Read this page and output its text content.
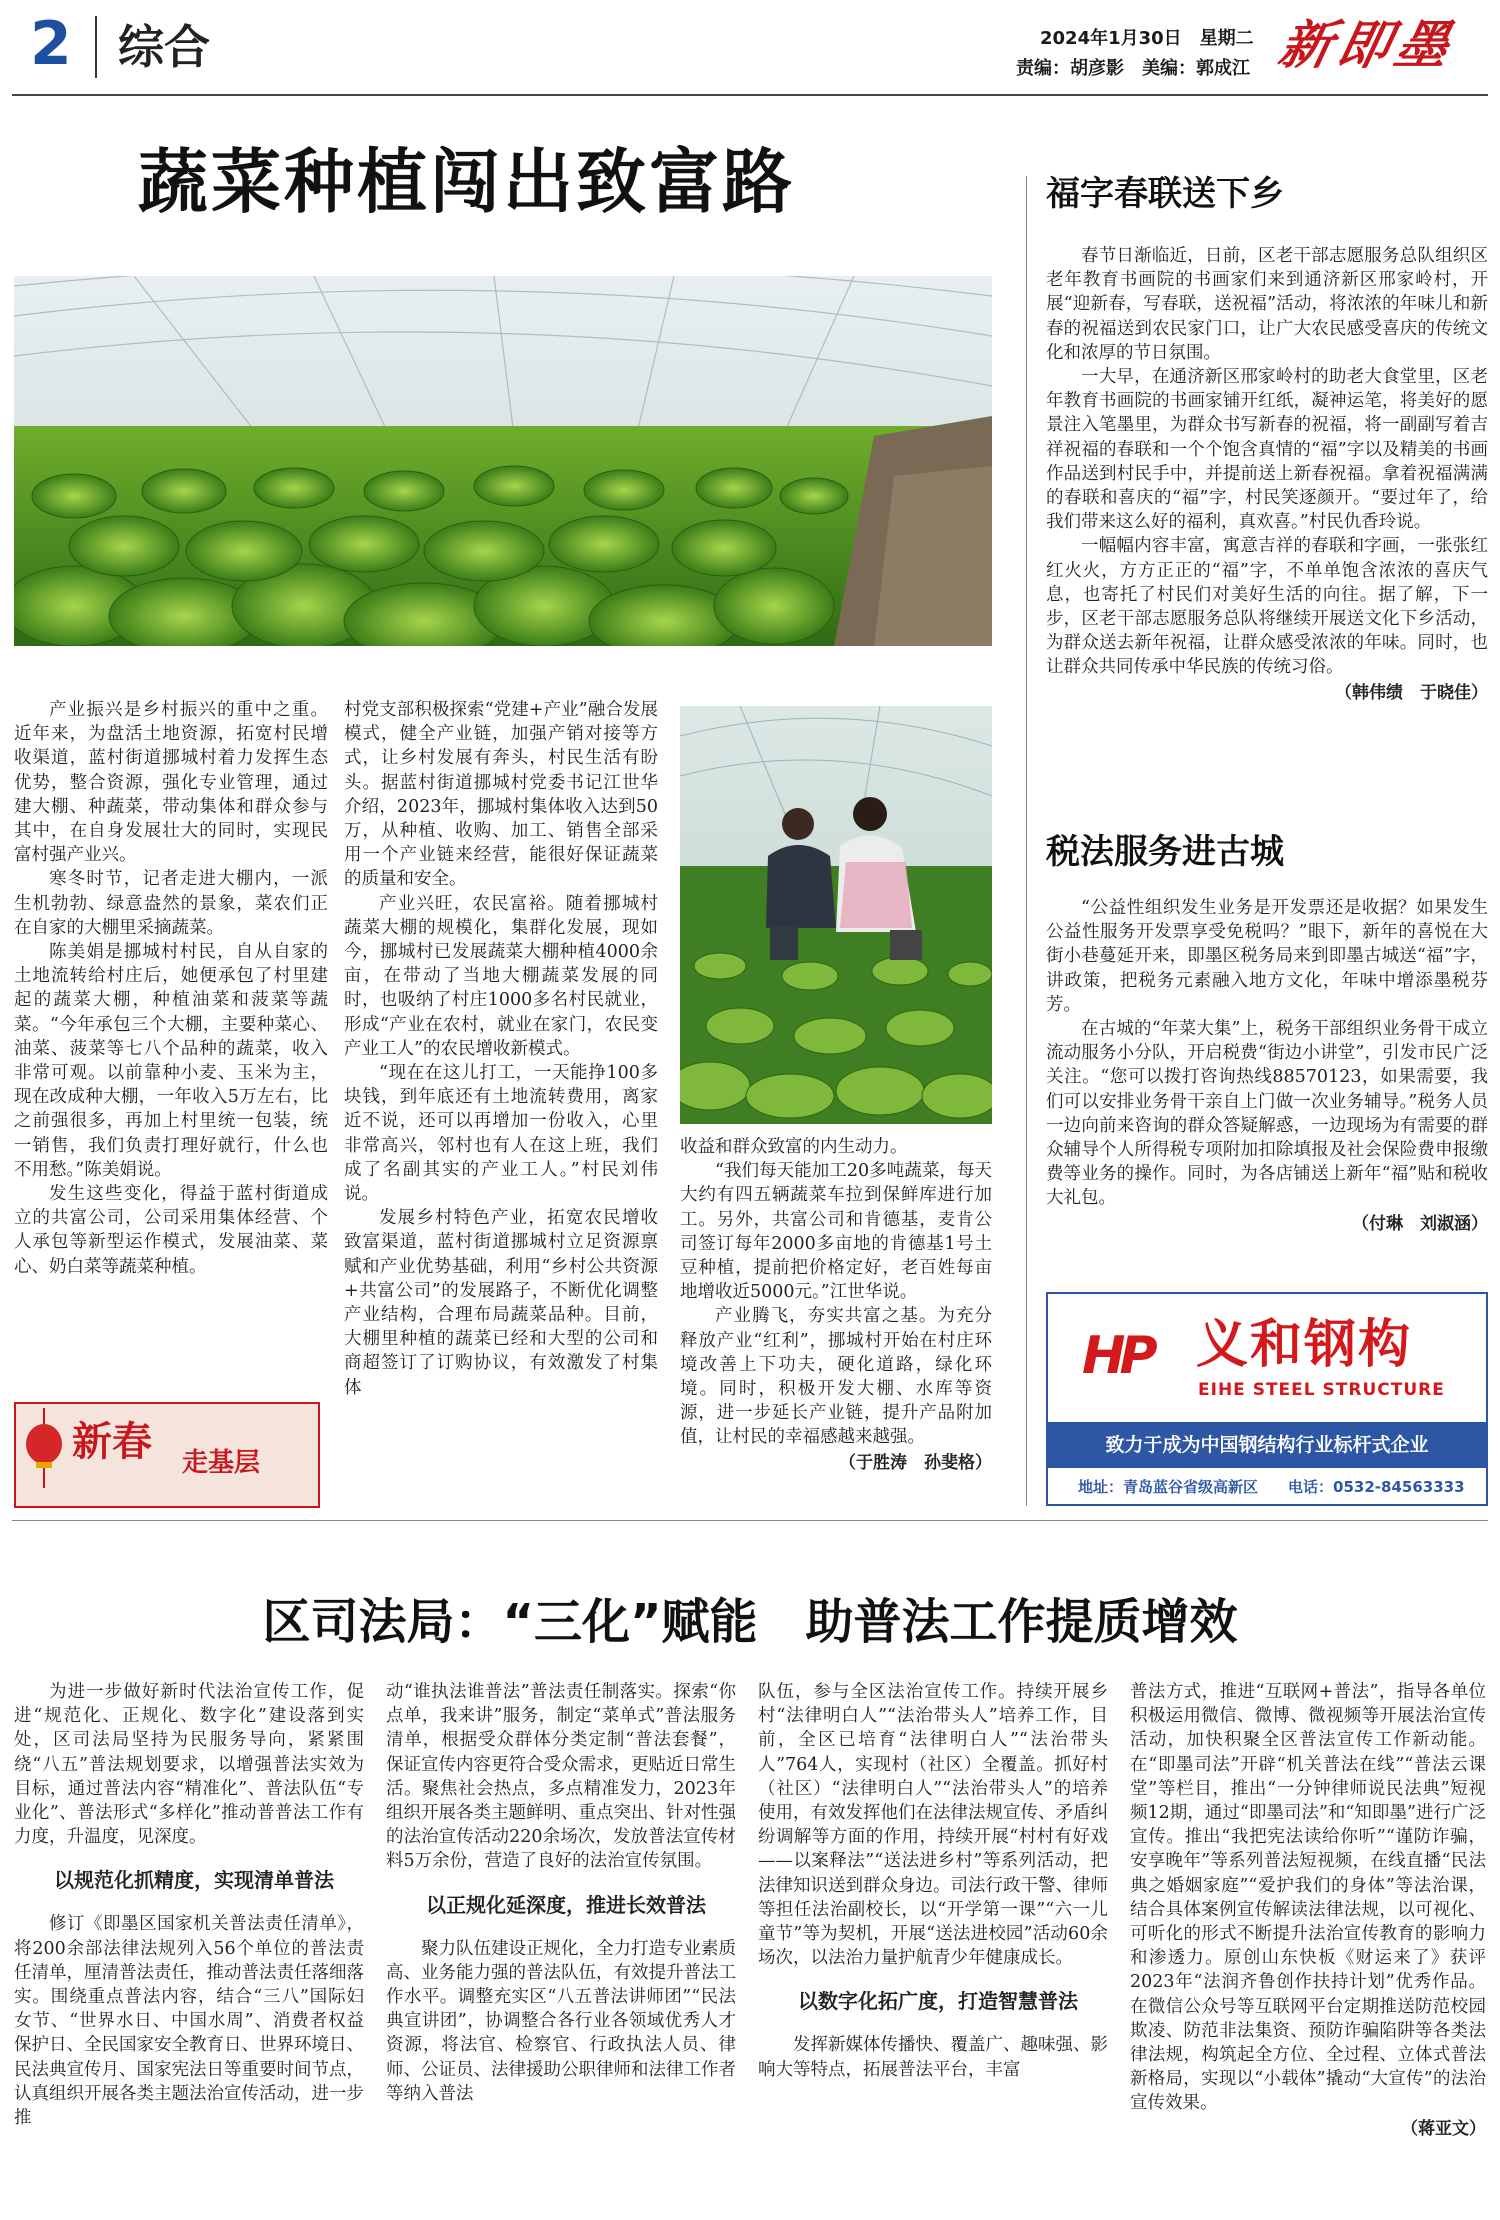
2 综合	2024年1月30日　 星期二
责编：胡彦影　 美编：郭成江 新即墨
蔬菜种植闯出致富路

产业振兴是乡村振兴的重中之重。近年来，为盘活土地资源，拓宽村民增收渠道，蓝村街道挪城村着力发挥生态优势，整合资源，强化专业管理，通过建大棚、种蔬菜，带动集体和群众参与其中，在自身发展壮大的同时，实现民富村强产业兴。

寒冬时节，记者走进大棚内，一派生机勃勃、绿意盎然的景象，菜农们正在自家的大棚里采摘蔬菜。

陈美娟是挪城村村民，自从自家的土地流转给村庄后，她便承包了村里建起的蔬菜大棚，种植油菜和菠菜等蔬菜。“今年承包三个大棚，主要种菜心、油菜、菠菜等七八个品种的蔬菜，收入非常可观。以前靠种小麦、玉米为主，现在改成种大棚，一年收入5万左右，比之前强很多，再加上村里统一包装，统一销售，我们负责打理好就行，什么也不用愁。”陈美娟说。

发生这些变化，得益于蓝村街道成立的共富公司，公司采用集体经营、个人承包等新型运作模式，发展油菜、菜心、奶白菜等蔬菜种植。

新春 走基层

村党支部积极探索“党建+产业”融合发展模式，健全产业链，加强产销对接等方式，让乡村发展有奔头，村民生活有盼头。据蓝村街道挪城村党委书记江世华介绍，2023年，挪城村集体收入达到50万，从种植、收购、加工、销售全部采用一个产业链来经营，能很好保证蔬菜的质量和安全。

产业兴旺，农民富裕。随着挪城村蔬菜大棚的规模化，集群化发展，现如今，挪城村已发展蔬菜大棚种植4000余亩，在带动了当地大棚蔬菜发展的同时，也吸纳了村庄1000多名村民就业，形成“产业在农村，就业在家门，农民变产业工人”的农民增收新模式。

“现在在这儿打工，一天能挣100多块钱，到年底还有土地流转费用，离家近不说，还可以再增加一份收入，心里非常高兴，邻村也有人在这上班，我们成了名副其实的产业工人。”村民刘伟说。

发展乡村特色产业，拓宽农民增收致富渠道，蓝村街道挪城村立足资源禀赋和产业优势基础，利用“乡村公共资源+共富公司”的发展路子，不断优化调整产业结构，合理布局蔬菜品种。目前，大棚里种植的蔬菜已经和大型的公司和商超签订了订购协议，有效激发了村集体

收益和群众致富的内生动力。

“我们每天能加工20多吨蔬菜，每天大约有四五辆蔬菜车拉到保鲜库进行加工。另外，共富公司和肯德基，麦肯公司签订每年2000多亩地的肯德基1号土豆种植，提前把价格定好，老百姓每亩地增收近5000元。”江世华说。

产业腾飞，夯实共富之基。为充分释放产业“红利”，挪城村开始在村庄环境改善上下功夫，硬化道路，绿化环境。同时，积极开发大棚、水库等资源，进一步延长产业链，提升产品附加值，让村民的幸福感越来越强。

（于胜涛　孙斐格）
福字春联送下乡

春节日渐临近，日前，区老干部志愿服务总队组织区老年教育书画院的书画家们来到通济新区邢家岭村，开展“迎新春，写春联，送祝福”活动，将浓浓的年味儿和新春的祝福送到农民家门口，让广大农民感受喜庆的传统文化和浓厚的节日氛围。

一大早，在通济新区邢家岭村的助老大食堂里，区老年教育书画院的书画家铺开红纸，凝神运笔，将美好的愿景注入笔墨里，为群众书写新春的祝福，将一副副写着吉祥祝福的春联和一个个饱含真情的“福”字以及精美的书画作品送到村民手中，并提前送上新春祝福。拿着祝福满满的春联和喜庆的“福”字，村民笑逐颜开。“要过年了，给我们带来这么好的福利，真欢喜。”村民仇香玲说。

一幅幅内容丰富，寓意吉祥的春联和字画，一张张红红火火，方方正正的“福”字，不单单饱含浓浓的喜庆气息，也寄托了村民们对美好生活的向往。据了解，下一步，区老干部志愿服务总队将继续开展送文化下乡活动，为群众送去新年祝福，让群众感受浓浓的年味。同时，也让群众共同传承中华民族的传统习俗。

（韩伟绩　于晓佳）
税法服务进古城

“公益性组织发生业务是开发票还是收据？如果发生公益性服务开发票享受免税吗？”眼下，新年的喜悦在大街小巷蔓延开来，即墨区税务局来到即墨古城送“福”字，讲政策，把税务元素融入地方文化，年味中增添墨税芬芳。

在古城的“年菜大集”上，税务干部组织业务骨干成立流动服务小分队，开启税费“街边小讲堂”，引发市民广泛关注。“您可以拨打咨询热线88570123，如果需要，我们可以安排业务骨干亲自上门做一次业务辅导。”税务人员一边向前来咨询的群众答疑解惑，一边现场为有需要的群众辅导个人所得税专项附加扣除填报及社会保险费申报缴费等业务的操作。同时，为各店铺送上新年“福”贴和税收大礼包。

（付琳　刘淑涵）
HP 义和钢构
EIHE STEEL STRUCTURE
致力于成为中国钢结构行业标杆式企业
地址：青岛蓝谷省级高新区　　 电话：0532-84563333
区司法局：“三化”赋能　助普法工作提质增效

为进一步做好新时代法治宣传工作，促进“规范化、正规化、数字化”建设落到实处，区司法局坚持为民服务导向，紧紧围绕“八五”普法规划要求，以增强普法实效为目标，通过普法内容“精准化”、普法队伍“专业化”、普法形式“多样化”推动普普法工作有力度，升温度，见深度。

以规范化抓精度，实现清单普法

修订《即墨区国家机关普法责任清单》，将200余部法律法规列入56个单位的普法责任清单，厘清普法责任，推动普法责任落细落实。围绕重点普法内容，结合“三八”国际妇女节、“世界水日、中国水周”、消费者权益保护日、全民国家安全教育日、世界环境日、民法典宣传月、国家宪法日等重要时间节点，认真组织开展各类主题法治宣传活动，进一步推

动“谁执法谁普法”普法责任制落实。探索“你点单，我来讲”服务，制定“菜单式”普法服务清单，根据受众群体分类定制“普法套餐”，保证宣传内容更符合受众需求，更贴近日常生活。聚焦社会热点，多点精准发力，2023年组织开展各类主题鲜明、重点突出、针对性强的法治宣传活动220余场次，发放普法宣传材料5万余份，营造了良好的法治宣传氛围。

以正规化延深度，推进长效普法

聚力队伍建设正规化，全力打造专业素质高、业务能力强的普法队伍，有效提升普法工作水平。调整充实区“八五普法讲师团”“民法典宣讲团”，协调整合各行业各领域优秀人才资源，将法官、检察官、行政执法人员、律师、公证员、法律援助公职律师和法律工作者等纳入普法

队伍，参与全区法治宣传工作。持续开展乡村“法律明白人”“法治带头人”培养工作，目前，全区已培育“法律明白人”“法治带头人”764人，实现村（社区）全覆盖。抓好村（社区）“法律明白人”“法治带头人”的培养使用，有效发挥他们在法律法规宣传、矛盾纠纷调解等方面的作用，持续开展“村村有好戏——以案释法”“送法进乡村”等系列活动，把法律知识送到群众身边。司法行政干警、律师等担任法治副校长，以“开学第一课”“六一儿童节”等为契机，开展“送法进校园”活动60余场次，以法治力量护航青少年健康成长。

以数字化拓广度，打造智慧普法

发挥新媒体传播快、覆盖广、趣味强、影响大等特点，拓展普法平台，丰富

普法方式，推进“互联网+普法”，指导各单位积极运用微信、微博、微视频等开展法治宣传活动，加快积聚全区普法宣传工作新动能。在“即墨司法”开辟“机关普法在线”“普法云课堂”等栏目，推出“一分钟律师说民法典”短视频12期，通过“即墨司法”和“知即墨”进行广泛宣传。推出“我把宪法读给你听”“谨防诈骗，安享晚年”等系列普法短视频，在线直播“民法典之婚姻家庭”“爱护我们的身体”等法治课，结合具体案例宣传解读法律法规，以可视化、可听化的形式不断提升法治宣传教育的影响力和渗透力。原创山东快板《财运来了》获评2023年“法润齐鲁创作扶持计划”优秀作品。在微信公众号等互联网平台定期推送防范校园欺凌、防范非法集资、预防诈骗陷阱等各类法律法规，构筑起全方位、全过程、立体式普法新格局，实现以“小载体”撬动“大宣传”的法治宣传效果。

（蒋亚文）
